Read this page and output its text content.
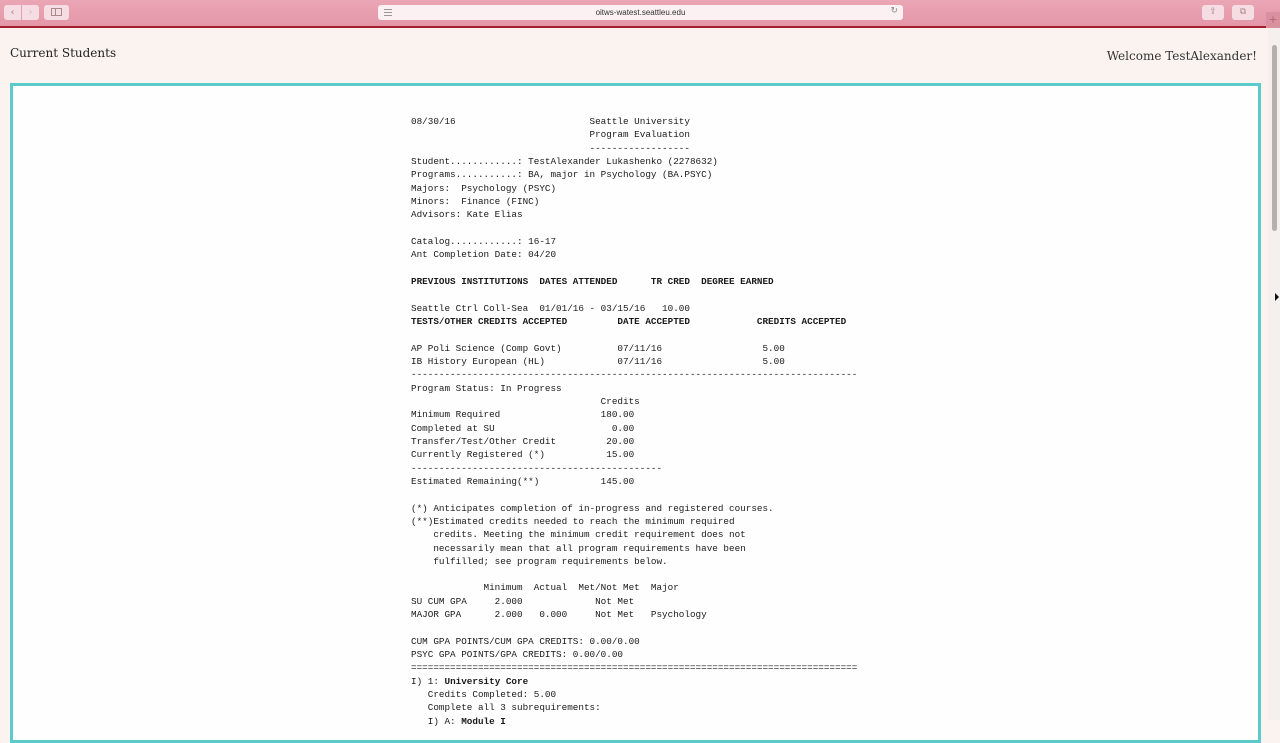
‹	›	oitws-watest.seattleu.edu	↻	⇪	⧉
+
Current Students	Welcome TestAlexander!
08/30/16                        Seattle University
Program Evaluation
------------------
Student............: TestAlexander Lukashenko (2278632)
Programs...........: BA, major in Psychology (BA.PSYC)
Majors:  Psychology (PSYC)
Minors:  Finance (FINC)
Advisors: Kate Elias
Catalog............: 16-17
Ant Completion Date: 04/20
PREVIOUS INSTITUTIONS  DATES ATTENDED      TR CRED  DEGREE EARNED
Seattle Ctrl Coll-Sea  01/01/16 - 03/15/16   10.00
TESTS/OTHER CREDITS ACCEPTED         DATE ACCEPTED            CREDITS ACCEPTED
AP Poli Science (Comp Govt)          07/11/16                  5.00
IB History European (HL)             07/11/16                  5.00
--------------------------------------------------------------------------------
Program Status: In Progress
Credits
Minimum Required                  180.00
Completed at SU                     0.00
Transfer/Test/Other Credit         20.00
Currently Registered (*)           15.00
---------------------------------------------
Estimated Remaining(**)           145.00
(*) Anticipates completion of in-progress and registered courses.
(**)Estimated credits needed to reach the minimum required
credits. Meeting the minimum credit requirement does not
necessarily mean that all program requirements have been
fulfilled; see program requirements below.
Minimum  Actual  Met/Not Met  Major
SU CUM GPA     2.000             Not Met
MAJOR GPA      2.000   0.000     Not Met   Psychology
CUM GPA POINTS/CUM GPA CREDITS: 0.00/0.00
PSYC GPA POINTS/GPA CREDITS: 0.00/0.00
================================================================================
I) 1: University Core
Credits Completed: 5.00
Complete all 3 subrequirements:
I) A: Module I
